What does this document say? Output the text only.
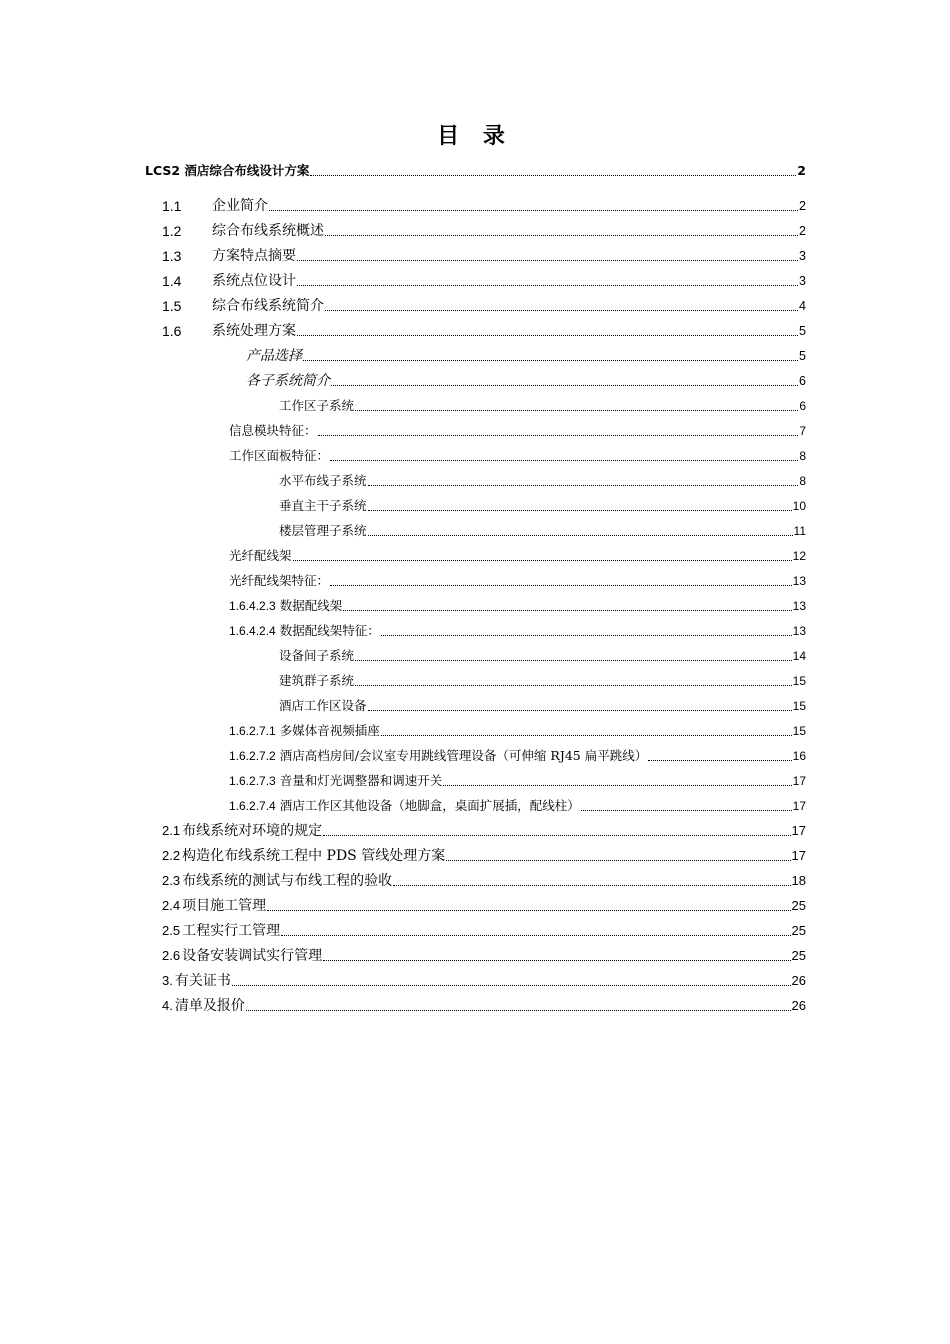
目 录
LCS2 酒店综合布线设计方案	2
1.1	企业简介	2
1.2	综合布线系统概述	2
1.3	方案特点摘要	3
1.4	系统点位设计	3
1.5	综合布线系统简介	4
1.6	系统处理方案	5
产品选择	5
各子系统简介	6
工作区子系统	6
信息模块特征：	7
工作区面板特征：	8
水平布线子系统	8
垂直主干子系统	10
楼层管理子系统	11
光纤配线架	12
光纤配线架特征：	13
1.6.4.2.3 数据配线架	13
1.6.4.2.4 数据配线架特征：	13
设备间子系统	14
建筑群子系统	15
酒店工作区设备	15
1.6.2.7.1 多媒体音视频插座	15
1.6.2.7.2 酒店高档房间/会议室专用跳线管理设备（可伸缩 RJ45 扁平跳线）	16
1.6.2.7.3 音量和灯光调整器和调速开关	17
1.6.2.7.4 酒店工作区其他设备（地脚盒，桌面扩展插，配线柱）	17
2.1 布线系统对环境的规定	17
2.2 构造化布线系统工程中 PDS 管线处理方案	17
2.3 布线系统的测试与布线工程的验收	18
2.4 项目施工管理	25
2.5 工程实行工管理	25
2.6 设备安装调试实行管理	25
3. 有关证书	26
4. 清单及报价	26
